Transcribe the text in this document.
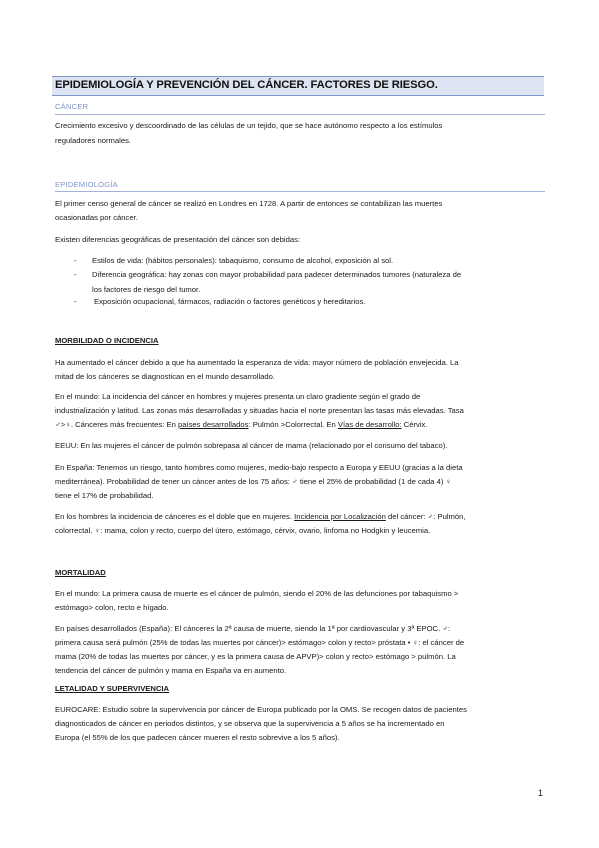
EPIDEMIOLOGÍA Y PREVENCIÓN DEL CÁNCER. FACTORES DE RIESGO.
CÁNCER
Crecimiento excesivo y descoordinado de las células de un tejido, que se hace autónomo respecto a los estímulos
reguladores normales.
EPIDEMIOLOGÍA
El primer censo general de cáncer se realizó en Londres en 1728. A partir de entonces se contabilizan las muertes
ocasionadas por cáncer.
Existen diferencias geográficas de presentación del cáncer son debidas:
- Estilos de vida: (hábitos personales): tabaquismo, consumo de alcohol, exposición al sol.
- Diferencia geográfica: hay zonas con mayor probabilidad para padecer determinados tumores (naturaleza de
los factores de riesgo del tumor.
- Exposición ocupacional, fármacos, radiación o factores genéticos y hereditarios.
MORBILIDAD O INCIDENCIA
Ha aumentado el cáncer debido a que ha aumentado la esperanza de vida: mayor número de población envejecida. La
mitad de los cánceres se diagnostican en el mundo desarrollado.
En el mundo: La incidencia del cáncer en hombres y mujeres presenta un claro gradiente según el grado de
industrialización y latitud. Las zonas más desarrolladas y situadas hacia el norte presentan las tasas más elevadas. Tasa
♂>♀. Cánceres más frecuentes: En países desarrollados: Pulmón >Colorrectal. En Vías de desarrollo: Cérvix.
EEUU: En las mujeres el cáncer de pulmón sobrepasa al cáncer de mama (relacionado por el consumo del tabaco).
En España: Tenemos un riesgo, tanto hombres como mujeres, medio-bajo respecto a Europa y EEUU (gracias a la dieta
mediterránea). Probabilidad de tener un cáncer antes de los 75 años: ♂ tiene el 25% de probabilidad (1 de cada 4) ♀
tiene el 17% de probabilidad.
En los hombres la incidencia de cánceres es el doble que en mujeres. Incidencia por Localización del cáncer: ♂: Pulmón,
colorrectal. ♀: mama, colon y recto, cuerpo del útero, estómago, cérvix, ovario, linfoma no Hodgkin y leucemia.
MORTALIDAD
En el mundo: La primera causa de muerte es el cáncer de pulmón, siendo el 20% de las defunciones por tabaquismo >
estómago> colon, recto e hígado.
En países desarrollados (España): El cánceres la 2ª causa de muerte, siendo la 1ª por cardiovascular y 3ª EPOC. ♂:
primera causa será pulmón (25% de todas las muertes por cáncer)> estómago> colon y recto> próstata • ♀: el cáncer de
mama (20% de todas las muertes por cáncer, y es la primera causa de APVP)> colon y recto> estómago > pulmón. La
tendencia del cáncer de pulmón y mama en España va en aumento.
LETALIDAD Y SUPERVIVENCIA
EUROCARE: Estudio sobre la supervivencia por cáncer de Europa publicado por la OMS. Se recogen datos de pacientes
diagnosticados de cáncer en periodos distintos, y se observa que la supervivencia a 5 años se ha incrementado en
Europa (el 55% de los que padecen cáncer mueren el resto sobrevive a los 5 años).
1
